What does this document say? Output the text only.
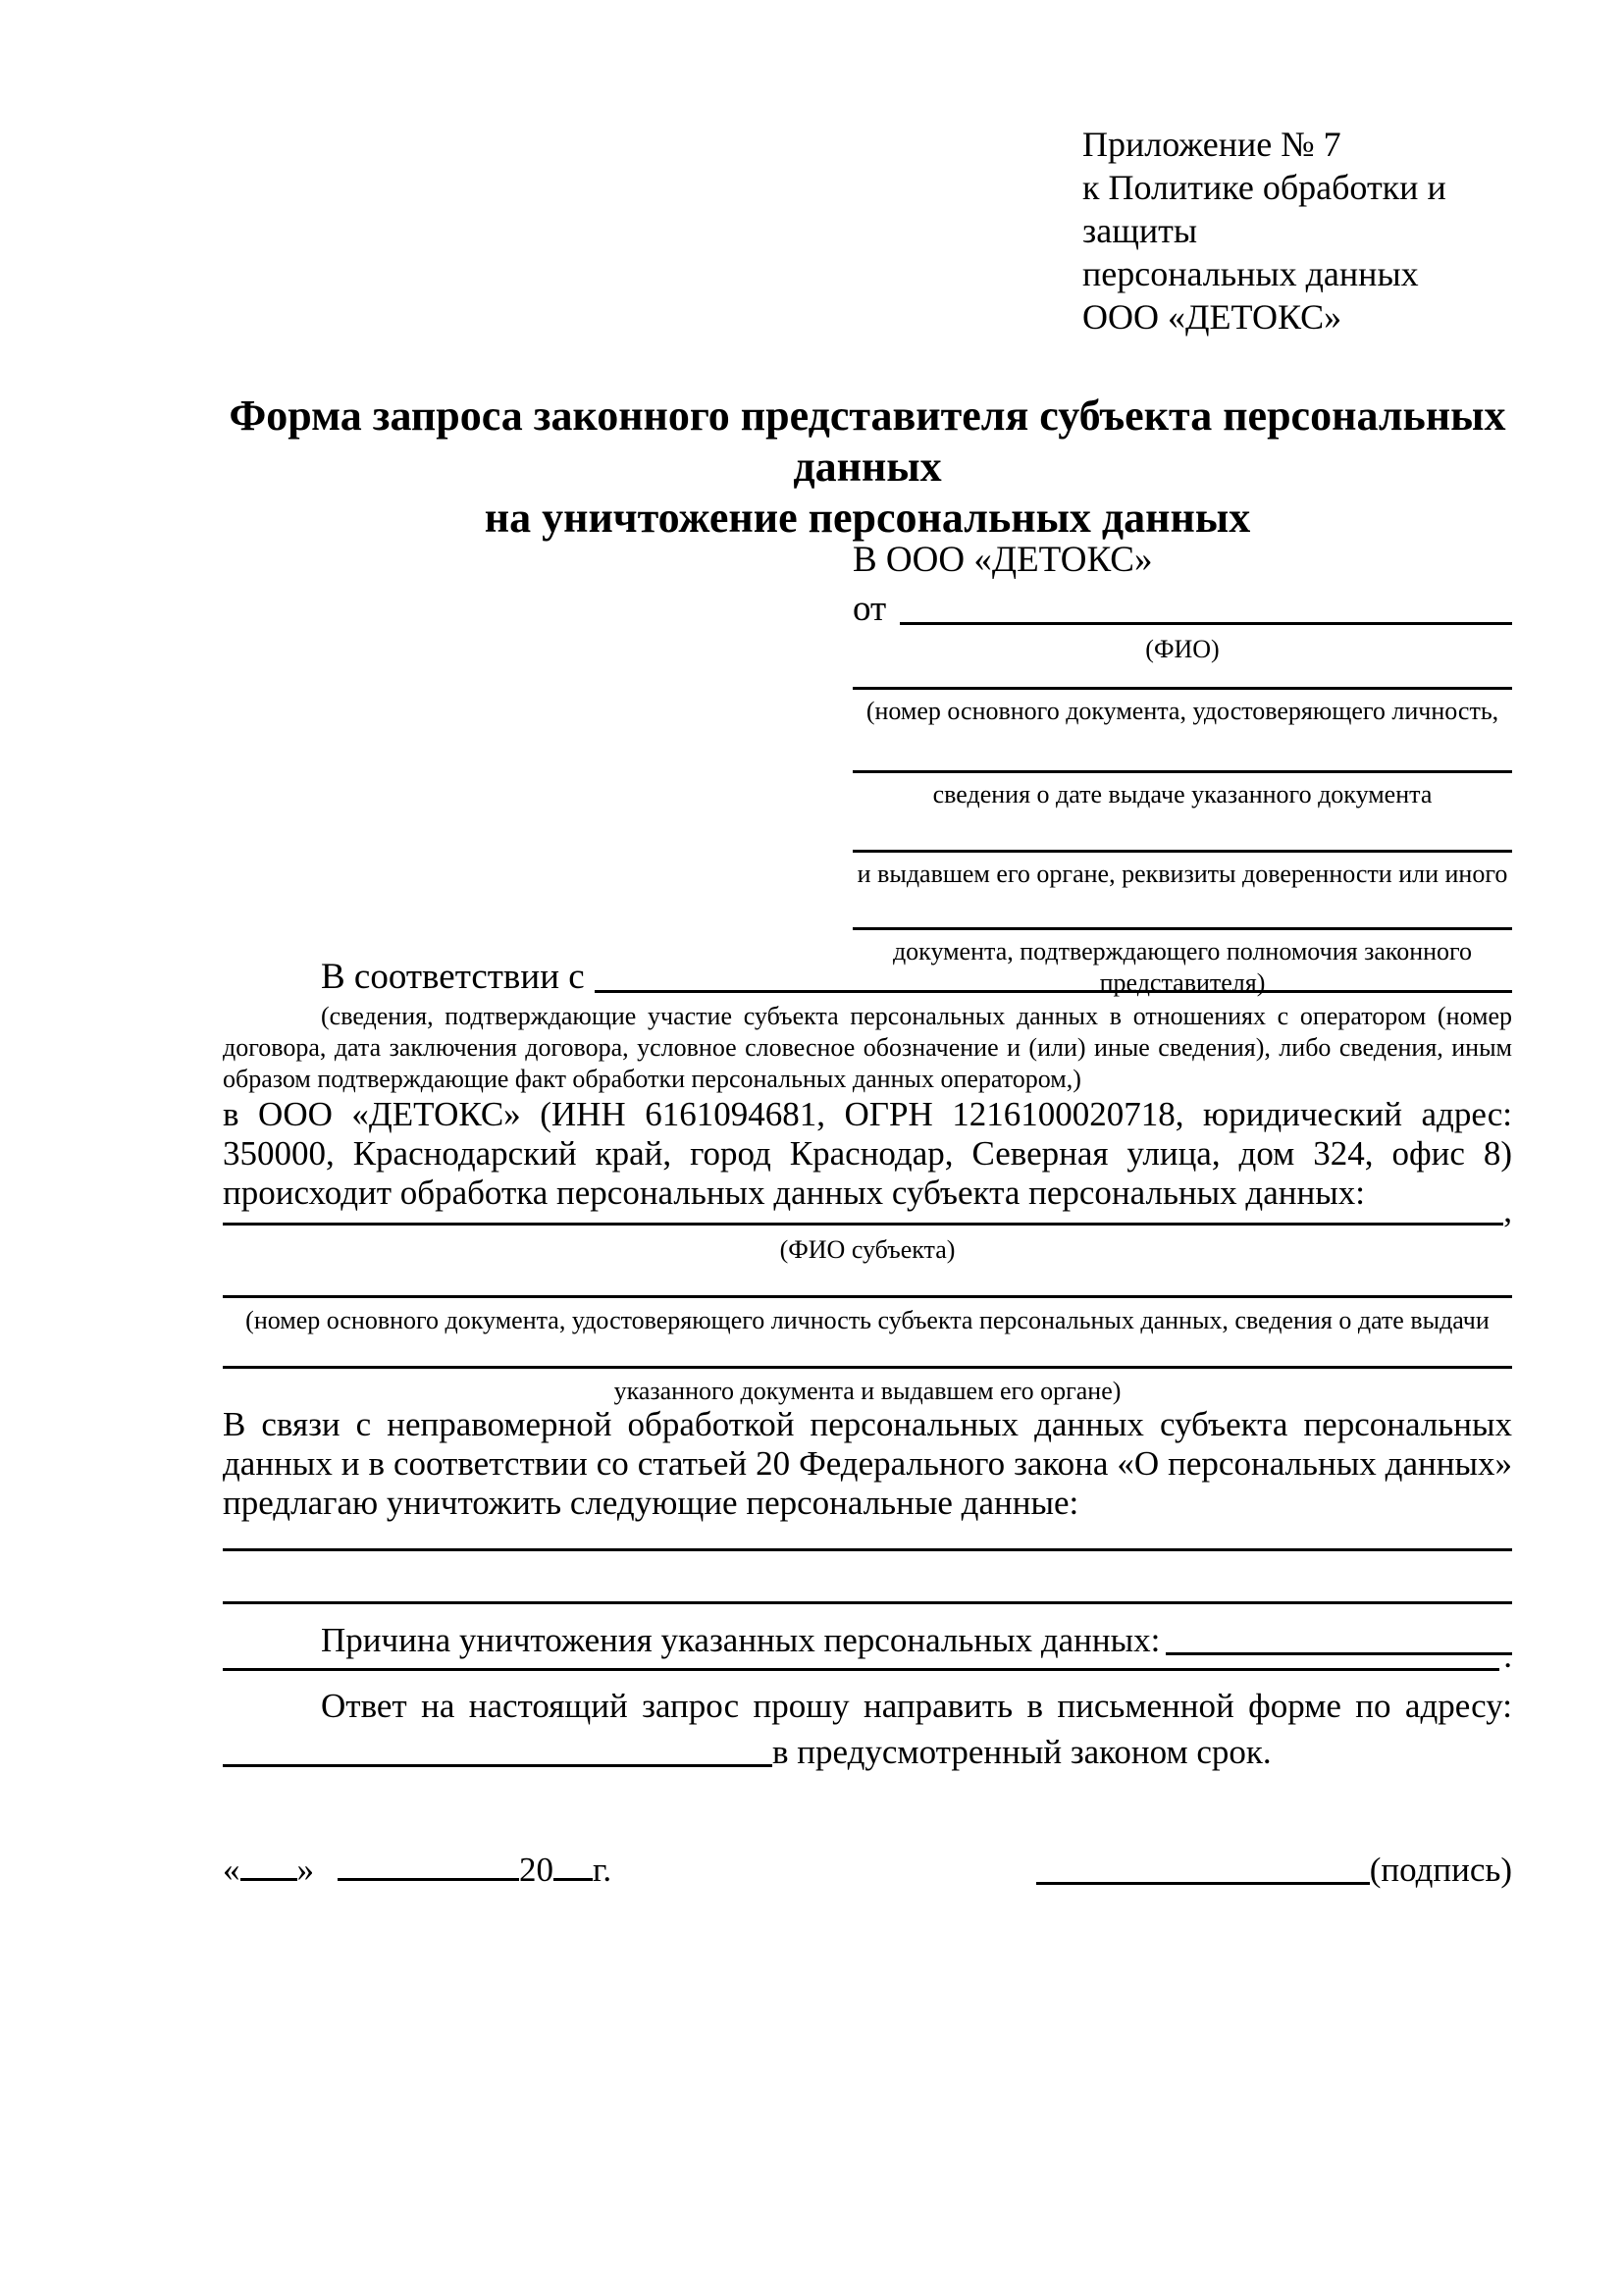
Приложение № 7
к Политике обработки и защиты
персональных данных
ООО «ДЕТОКС»
Форма запроса законного представителя субъекта персональных данных
на уничтожение персональных данных
В ООО «ДЕТОКС»
от
(ФИО)
(номер основного документа, удостоверяющего личность,
сведения о дате выдаче указанного документа
и выдавшем его органе, реквизиты доверенности или иного
документа, подтверждающего полномочия законного представителя)
В соответствии с
(сведения, подтверждающие участие субъекта персональных данных в отношениях с оператором (номер договора, дата заключения договора, условное словесное обозначение и (или) иные сведения), либо сведения, иным образом подтверждающие факт обработки персональных данных оператором,)
в ООО «ДЕТОКС» (ИНН 6161094681, ОГРН 1216100020718, юридический адрес: 350000, Краснодарский край, город Краснодар, Северная улица, дом 324, офис 8) происходит обработка персональных данных субъекта персональных данных:	,
(ФИО субъекта)
(номер основного документа, удостоверяющего личность субъекта персональных данных, сведения о дате выдачи
указанного документа и выдавшем его органе)
В связи с неправомерной обработкой персональных данных субъекта персональных данных и в соответствии со статьей 20 Федерального закона «О персональных данных» предлагаю уничтожить следующие персональные данные:
Причина уничтожения указанных персональных данных:	.
Ответ на настоящий запрос прошу направить в письменной форме по адресу:
в предусмотренный законом срок.
« »	20 г.	(подпись)
